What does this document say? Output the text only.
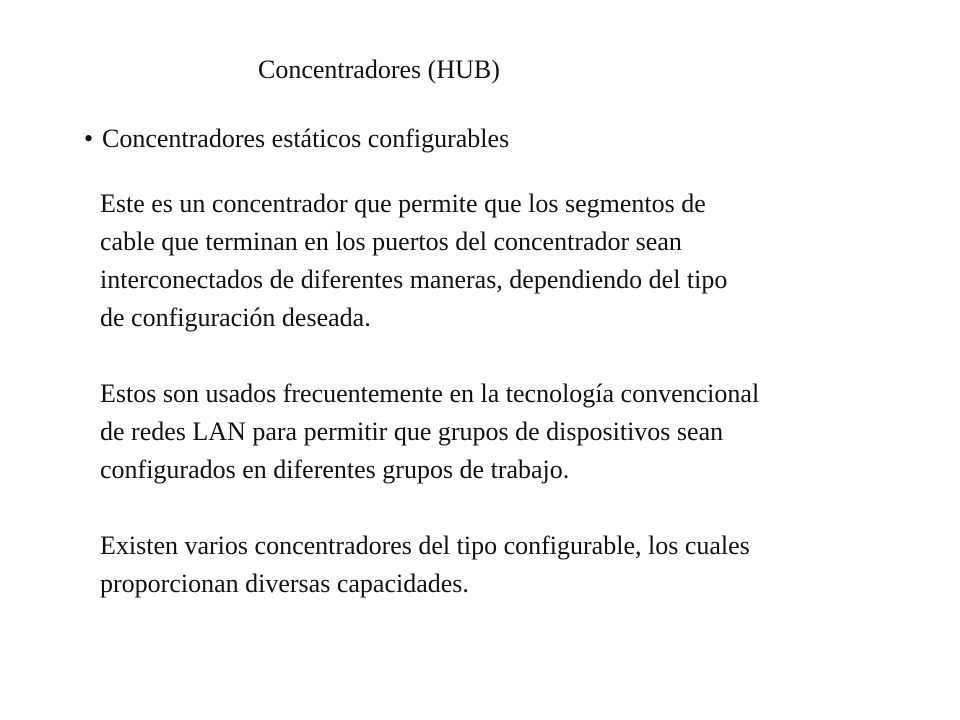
Concentradores (HUB)
• Concentradores estáticos configurables

Este es un concentrador que permite que los segmentos de
cable que terminan en los puertos del concentrador sean
interconectados de diferentes maneras, dependiendo del tipo
de configuración deseada.

Estos son usados frecuentemente en la tecnología convencional
de redes LAN para permitir que grupos de dispositivos sean
configurados en diferentes grupos de trabajo.

Existen varios concentradores del tipo configurable, los cuales
proporcionan diversas capacidades.
